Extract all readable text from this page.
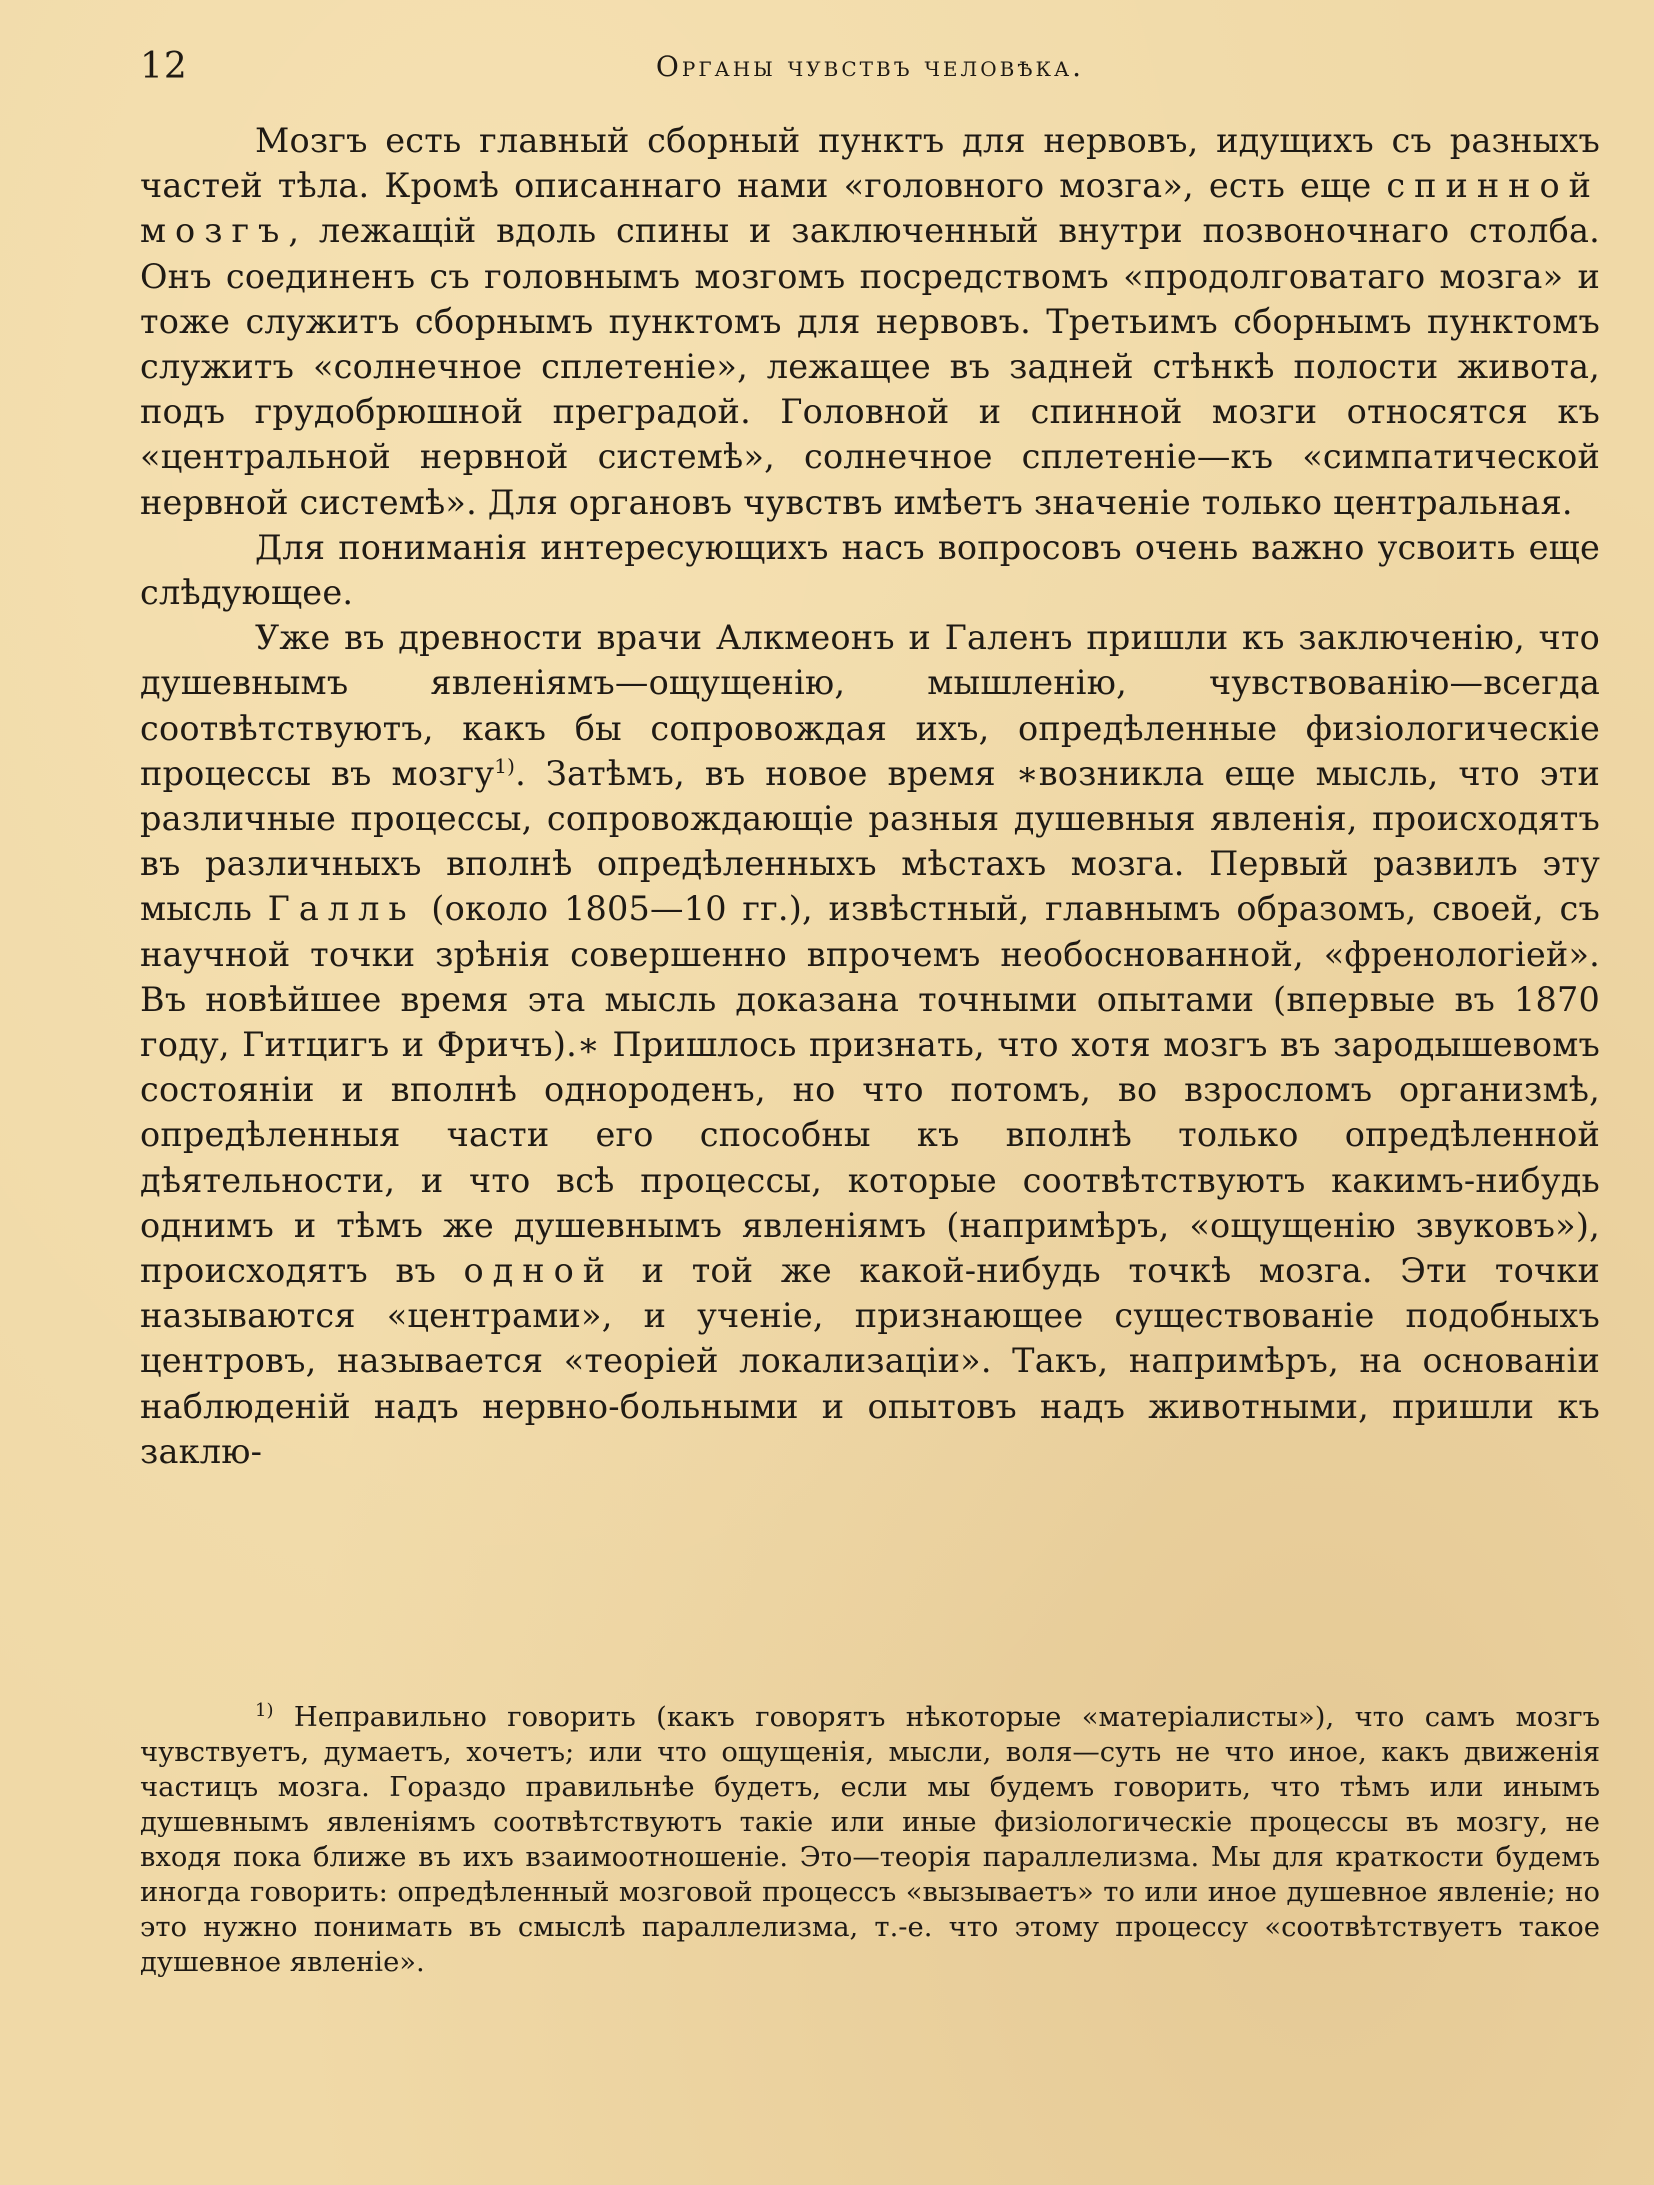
12	Органы чувствъ человѣка.

Мозгъ есть главный сборный пунктъ для нервовъ, идущихъ съ разныхъ частей тѣла. Кромѣ описаннаго нами «головного мозга», есть еще спинной мозгъ, лежащiй вдоль спины и заключенный внутри позвоночнаго столба. Онъ соединенъ съ головнымъ мозгомъ посредствомъ «продолговатаго мозга» и тоже служитъ сборнымъ пунктомъ для нервовъ. Третьимъ сборнымъ пунктомъ служитъ «солнечное сплетенiе», лежащее въ задней стѣнкѣ полости живота, подъ грудобрюшной преградой. Головной и спинной мозги относятся къ «центральной нервной системѣ», солнечное сплетенiе—къ «симпатической нервной системѣ». Для органовъ чувствъ имѣетъ значенiе только центральная.

Для пониманiя интересующихъ насъ вопросовъ очень важно усвоить еще слѣдующее.

Уже въ древности врачи Алкмеонъ и Галенъ пришли къ заключенiю, что душевнымъ явленiямъ—ощущенiю, мышленiю, чувствованiю—всегда соотвѣтствуютъ, какъ бы сопровождая ихъ, опредѣленные физiологическiе процессы въ мозгу$^{1)}$. Затѣмъ, въ новое время ∗возникла еще мысль, что эти различные процессы, сопровождающiе разныя душевныя явленiя, происходятъ въ различныхъ вполнѣ опредѣленныхъ мѣстахъ мозга. Первый развилъ эту мысль Галль (около 1805—10 гг.), извѣстный, главнымъ образомъ, своей, съ научной точки зрѣнiя совершенно впрочемъ необоснованной, «френологiей». Въ новѣйшее время эта мысль доказана точными опытами (впервые въ 1870 году, Гитцигъ и Фричъ).∗ Пришлось признать, что хотя мозгъ въ зародышевомъ состоянiи и вполнѣ однороденъ, но что потомъ, во взросломъ организмѣ, опредѣленныя части его способны къ вполнѣ только опредѣленной дѣятельности, и что всѣ процессы, которые соотвѣтствуютъ какимъ-нибудь однимъ и тѣмъ же душевнымъ явленiямъ (напримѣръ, «ощущенiю звуковъ»), происходятъ въ одной и той же какой-нибудь точкѣ мозга. Эти точки называются «центрами», и ученiе, признающее существованiе подобныхъ центровъ, называется «теорiей локализацiи». Такъ, напримѣръ, на основанiи наблюденiй надъ нервно-больными и опытовъ надъ животными, пришли къ заклю-

$^{1)}$ Неправильно говорить (какъ говорятъ нѣкоторые «матерiалисты»), что самъ мозгъ чувствуетъ, думаетъ, хочетъ; или что ощущенiя, мысли, воля—суть не что иное, какъ движенiя частицъ мозга. Гораздо правильнѣе будетъ, если мы будемъ говорить, что тѣмъ или инымъ душевнымъ явленiямъ соотвѣтствуютъ такiе или иные физiологическiе процессы въ мозгу, не входя пока ближе въ ихъ взаимоотношенiе. Это—теорiя параллелизма. Мы для краткости будемъ иногда говорить: опредѣленный мозговой процессъ «вызываетъ» то или иное душевное явленiе; но это нужно понимать въ смыслѣ параллелизма, т.-е. что этому процессу «соотвѣтствуетъ такое душевное явленiе».
